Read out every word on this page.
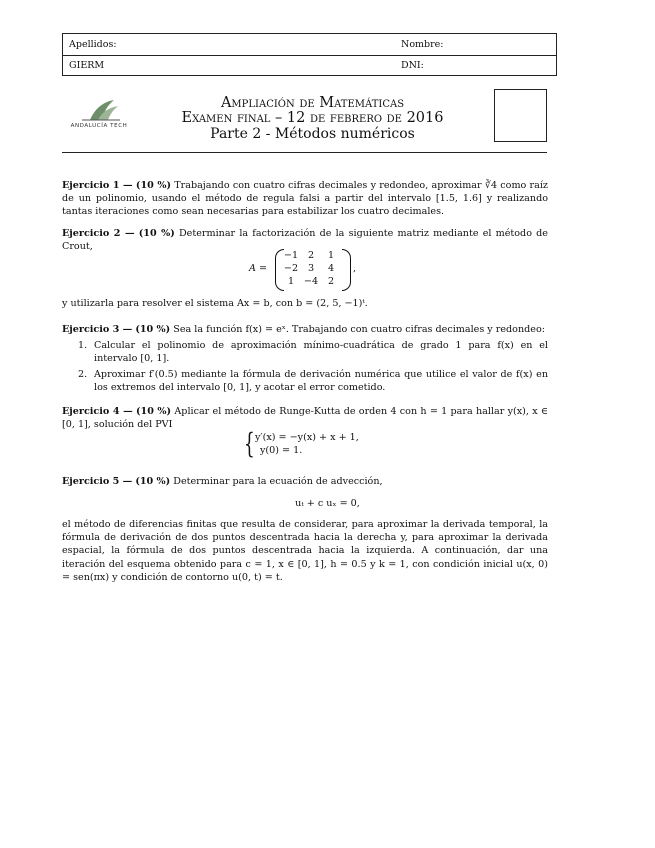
Apellidos:	Nombre:
GIERM	DNI:
ANDALUCÍA TECH
Ampliación de Matemáticas
Examen final – 12 de febrero de 2016
Parte 2 - Métodos numéricos
Ejercicio 1 — (10 %) Trabajando con cuatro cifras decimales y redondeo, aproximar ∛4 como raíz de un polinomio, usando el método de regula falsi a partir del intervalo [1.5, 1.6] y realizando tantas iteraciones como sean necesarias para estabilizar los cuatro decimales.
Ejercicio 2 — (10 %) Determinar la factorización de la siguiente matriz mediante el método de Crout,
A =
−1	2	1
−2	3	4
1	−4	2
,
y utilizarla para resolver el sistema Ax = b, con b = (2, 5, −1)ᵗ.
Ejercicio 3 — (10 %) Sea la función f(x) = eˣ. Trabajando con cuatro cifras decimales y redondeo:
1. Calcular el polinomio de aproximación mínimo-cuadrática de grado 1 para f(x) en el intervalo [0, 1].
2. Aproximar f′(0.5) mediante la fórmula de derivación numérica que utilice el valor de f(x) en los extremos del intervalo [0, 1], y acotar el error cometido.
Ejercicio 4 — (10 %) Aplicar el método de Runge-Kutta de orden 4 con h = 1 para hallar y(x), x ∈ [0, 1], solución del PVI
{ y′(x) = −y(x) + x + 1,
y(0) = 1.
Ejercicio 5 — (10 %) Determinar para la ecuación de advección,
uₜ + c uₓ = 0,
el método de diferencias finitas que resulta de considerar, para aproximar la derivada temporal, la fórmula de derivación de dos puntos descentrada hacia la derecha y, para aproximar la derivada espacial, la fórmula de dos puntos descentrada hacia la izquierda. A continuación, dar una iteración del esquema obtenido para c = 1, x ∈ [0, 1], h = 0.5 y k = 1, con condición inicial u(x, 0) = sen(πx) y condición de contorno u(0, t) = t.
